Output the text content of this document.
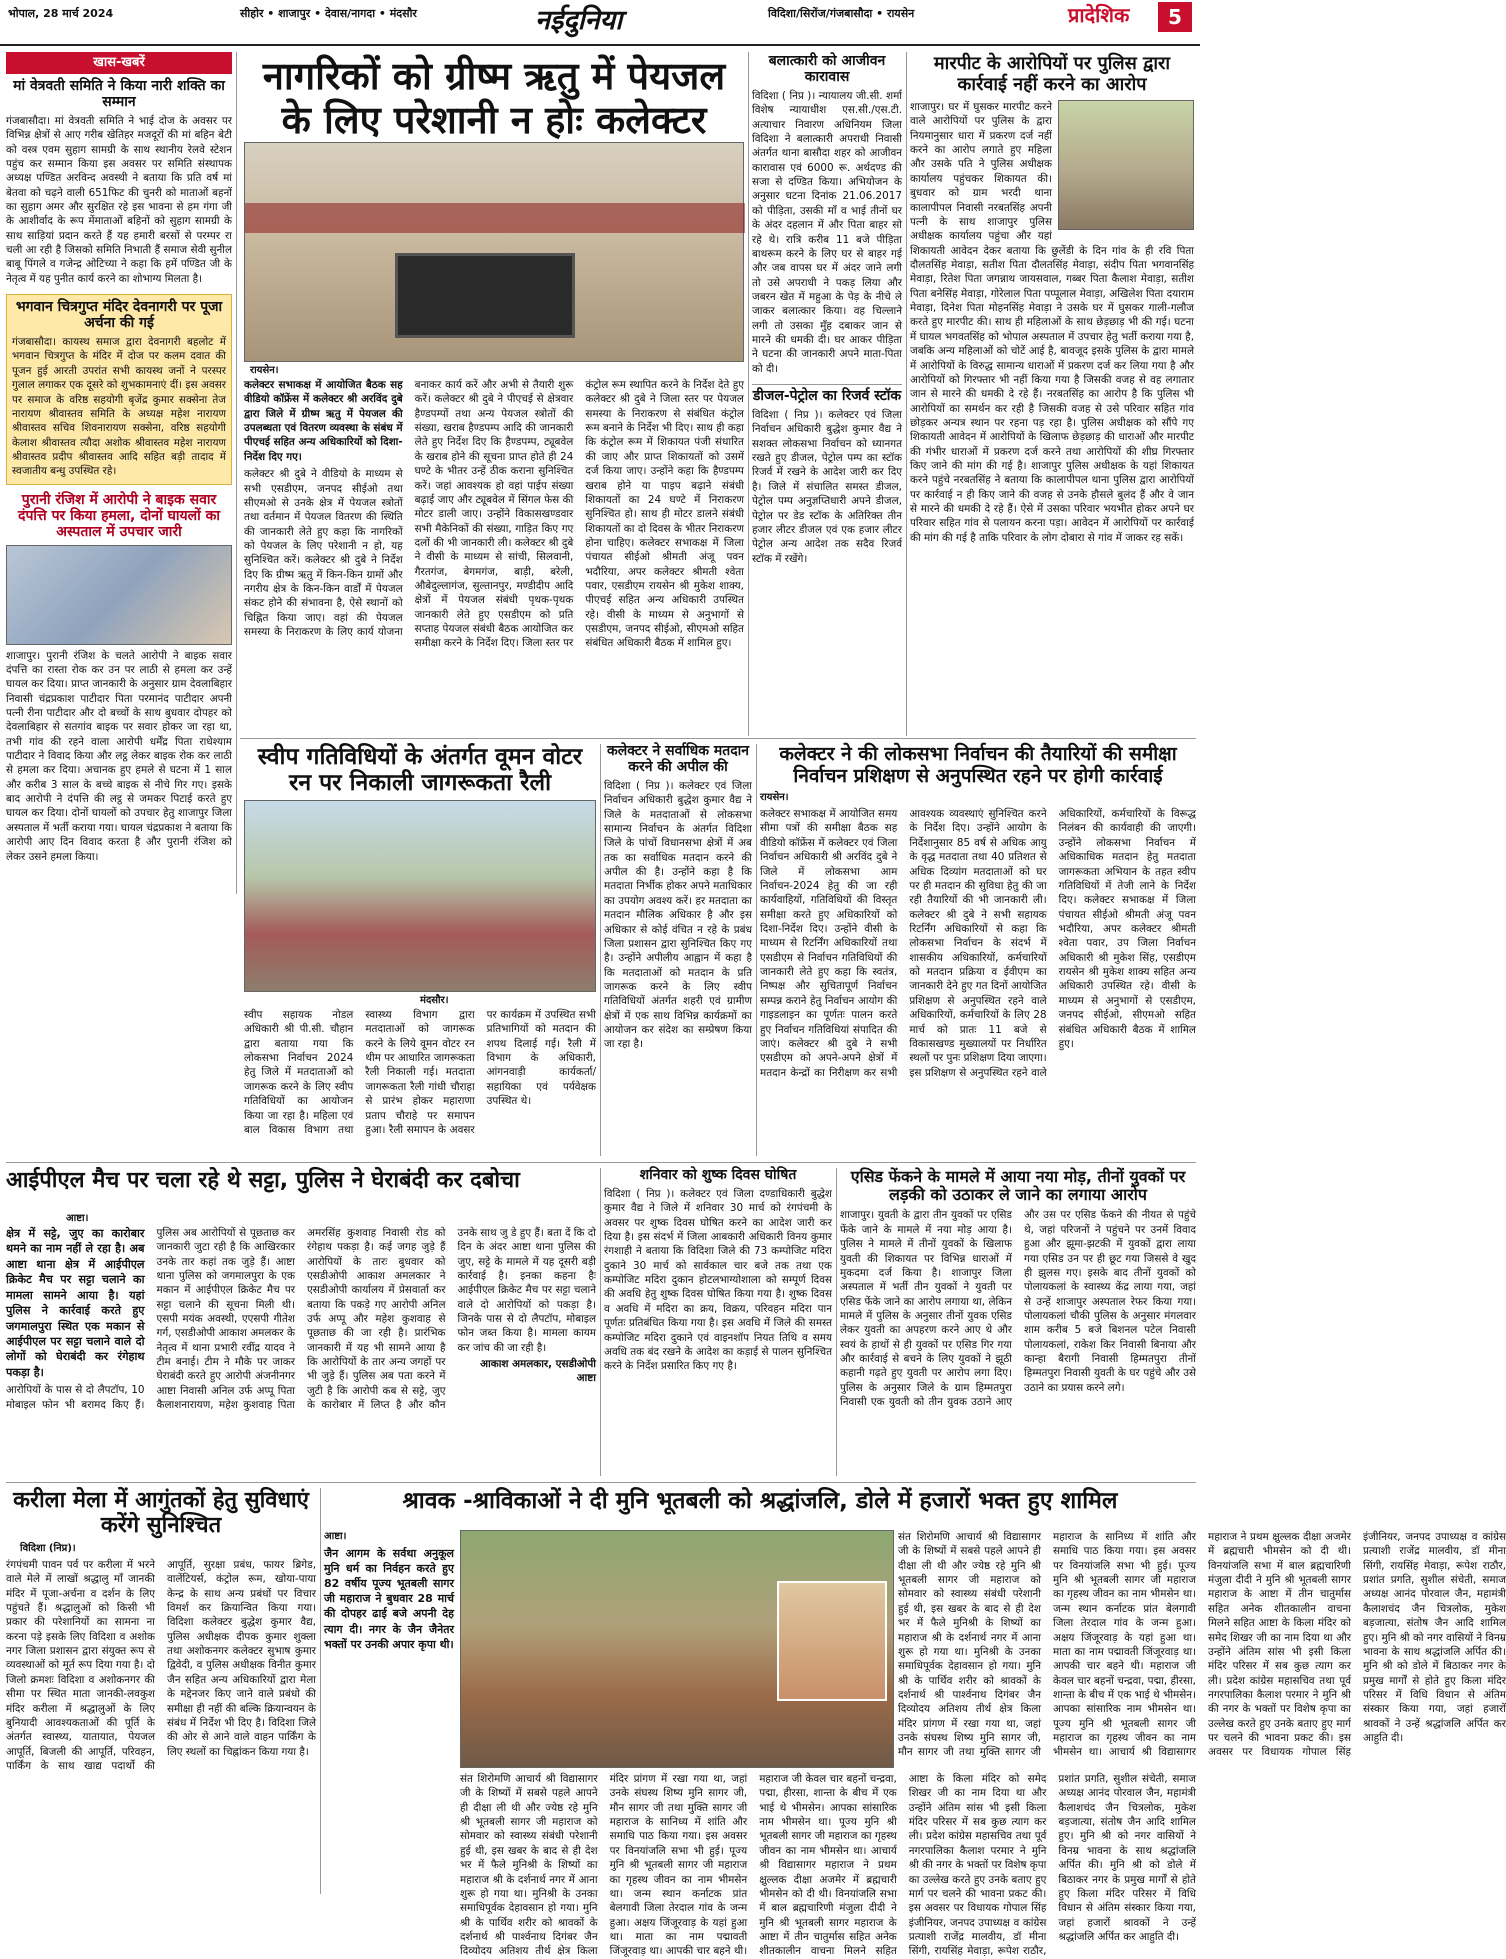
भोपाल, 28 मार्च 2024	सीहोर • शाजापुर • देवास/नागदा • मंदसौर	नईदुनिया	विदिशा/सिरोंज/गंजबासौदा • रायसेन	प्रादेशिक	5
खास-खबरें
मां वेत्रवती समिति ने किया नारी शक्ति का सम्मान

गंजबासौदा। मां वेत्रवती समिति ने भाई दोज के अवसर पर विभिन्न क्षेत्रों से आए गरीब खेतिहर मजदूरों की मां बहिन बेटी को वस्त्र एवम सुहाग सामग्री के साथ स्थानीय रेलवे स्टेशन पहुंच कर सम्मान किया इस अवसर पर समिति संस्थापक अध्यक्ष पण्डित अरविन्द अवस्थी ने बताया कि प्रति वर्ष मां बेतवा को चढ़ने वाली 651फिट की चुनरी को माताओं बहनों का सुहाग अमर और सुरक्षित रहे इस भावना से हम गंगा जी के आशीर्वाद के रूप मेंमाताओं बहिनों को सुहाग सामग्री के साथ साड़ियां प्रदान करते हैं यह हमारी बरसों से परम्पर रा चली आ रही है जिसको समिति निभाती हैं समाज सेवी सुनील बाबू पिंगले व गजेन्द्र ओटिच्या ने कहा कि हमें पण्डित जी के नेतृत्व में यह पुनीत कार्य करने का शोभाग्य मिलता है।

भगवान चित्रगुप्त मंदिर देवनागरी पर पूजा अर्चना की गई

गंजबासौदा। कायस्थ समाज द्वारा देवनागरी बहलोट में भगवान चित्रगुप्त के मंदिर में दोज पर कलम दवात की पूजन हुई आरती उपरांत सभी कायस्थ जनों ने परस्पर गुलाल लगाकर एक दूसरे को शुभकामनाएं दीं। इस अवसर पर समाज के वरिष्ठ सहयोगी बृजेंद्र कुमार सक्सेना तेज नारायण श्रीवास्तव समिति के अध्यक्ष महेश नारायण श्रीवास्तव सचिव शिवनारायण सक्सेना, वरिष्ठ सहयोगी केलाश श्रीवास्तव त्यौदा अशोक श्रीवास्तव महेश नारायण श्रीवास्तव प्रदीप श्रीवास्तव आदि सहित बड़ी तादाद में स्वजातीय बन्धु उपस्थित रहे।

पुरानी रंजिश में आरोपी ने बाइक सवार दंपत्ति पर किया हमला, दोनों घायलों का अस्पताल में उपचार जारी

शाजापुर। पुरानी रंजिश के चलते आरोपी ने बाइक सवार दंपत्ति का रास्ता रोक कर उन पर लाठी से हमला कर उन्हें घायल कर दिया। प्राप्त जानकारी के अनुसार ग्राम देवलाबिहार निवासी चंद्रप्रकाश पाटीदार पिता परमानंद पाटीदार अपनी पत्नी रीना पाटीदार और दो बच्चों के साथ बुधवार दोपहर को देवलाबिहार से सतगांव बाइक पर सवार होकर जा रहा था, तभी गांव की रहने वाला आरोपी धर्मेंद्र पिता राधेश्याम पाटीदार ने विवाद किया और लट्ठ लेकर बाइक रोक कर लाठी से हमला कर दिया। अचानक हुए हमले से घटना में 1 साल और करीब 3 साल के बच्चे बाइक से नीचे गिर गए। इसके बाद आरोपी ने दंपत्ति की लट्ठ से जमकर पिटाई करते हुए घायल कर दिया। दोनों घायलों को उपचार हेतु शाजापुर जिला अस्पताल में भर्ती कराया गया। घायल चंद्रप्रकाश ने बताया कि आरोपी आए दिन विवाद करता है और पुरानी रंजिश को लेकर उसने हमला किया।

नागरिकों को ग्रीष्म ऋतु में पेयजल के लिए परेशानी न होः कलेक्टर
रायसेन।

कलेक्टर सभाकक्ष में आयोजित बैठक सह वीडियो कॉफ्रेंस में कलेक्टर श्री अरविंद दुबे द्वारा जिले में ग्रीष्म ऋतु में पेयजल की उपलब्धता एवं वितरण व्यवस्था के संबंध में पीएचई सहित अन्य अधिकारियों को दिशा-निर्देश दिए गए।

कलेक्टर श्री दुबे ने वीडियो के माध्यम से सभी एसडीएम, जनपद सीईओ तथा सीएमओ से उनके क्षेत्र में पेयजल स्त्रोतों तथा वर्तमान में पेयजल वितरण की स्थिति की जानकारी लेते हुए कहा कि नागरिकों को पेयजल के लिए परेशानी न हो, यह सुनिश्चित करें। कलेक्टर श्री दुबे ने निर्देश दिए कि ग्रीष्म ऋतु में किन-किन ग्रामों और नगरीय क्षेत्र के किन-किन वार्डों में पेयजल संकट होने की संभावना है, ऐसे स्थानों को चिह्नित किया जाए। वहां की पेयजल समस्या के निराकरण के लिए कार्य योजना बनाकर कार्य करें और अभी से तैयारी शुरू करें। कलेक्टर श्री दुबे ने पीएचई से क्षेत्रवार हैण्डपम्पों तथा अन्य पेयजल स्त्रोतों की संख्या, खराब हैण्डपम्प आदि की जानकारी लेते हुए निर्देश दिए कि हैण्डपम्प, ट्यूबवेल के खराब होने की सूचना प्राप्त होते ही 24 घण्टे के भीतर उन्हें ठीक कराना सुनिश्चित करें। जहां आवश्यक हो वहां पाईप संख्या बढ़ाई जाए और ट्यूबवेल में सिंगल फेस की मोटर डाली जाए। उन्होंने विकासखण्डवार सभी मैकेनिकों की संख्या, गाड़ित किए गए दलों की भी जानकारी ली। कलेक्टर श्री दुबे ने वीसी के माध्यम से सांची, सिलवानी, गैरतगंज, बेगमगंज, बाड़ी, बरेली, औबेदुल्लागंज, सुल्तानपुर, मण्डीदीप आदि क्षेत्रों में पेयजल संबंधी पृथक-पृथक जानकारी लेते हुए एसडीएम को प्रति सप्ताह पेयजल संबंधी बैठक आयोजित कर समीक्षा करने के निर्देश दिए। जिला स्तर पर कंट्रोल रूम स्थापित करने के निर्देश देते हुए कलेक्टर श्री दुबे ने जिला स्तर पर पेयजल समस्या के निराकरण से संबंधित कंट्रोल रूम बनाने के निर्देश भी दिए। साथ ही कहा कि कंट्रोल रूम में शिकायत पंजी संधारित की जाए और प्राप्त शिकायतों को उसमें दर्ज किया जाए। उन्होंने कहा कि हैण्डपम्प खराब होने या पाइप बढ़ाने संबंधी शिकायतों का 24 घण्टे में निराकरण सुनिश्चित हो। साथ ही मोटर डालने संबंधी शिकायतों का दो दिवस के भीतर निराकरण होना चाहिए। कलेक्टर सभाकक्ष में जिला पंचायत सीईओ श्रीमती अंजू पवन भदौरिया, अपर कलेक्टर श्रीमती श्वेता पवार, एसडीएम रायसेन श्री मुकेश शाक्य, पीएचई सहित अन्य अधिकारी उपस्थित रहे। वीसी के माध्यम से अनुभागों से एसडीएम, जनपद सीईओ, सीएमओ सहित संबंधित अधिकारी बैठक में शामिल हुए।

बलात्कारी को आजीवन कारावास

विदिशा ( निप्र )। न्यायालय जी.सी. शर्मा विशेष न्यायाधीश एस.सी./एस.टी. अत्याचार निवारण अधिनियम जिला विदिशा ने बलात्कारी अपराधी निवासी अंतर्गत थाना बासौदा शहर को आजीवन कारावास एवं 6000 रू. अर्थदण्ड की सजा से दण्डित किया। अभियोजन के अनुसार घटना दिनांक 21.06.2017 को पीड़िता, उसकी मॉं व भाई तीनों घर के अंदर दहलान में और पिता बाहर सो रहे थे। रात्रि करीब 11 बजे पीड़िता बाथरूम करने के लिए घर से बाहर गई और जब वापस घर में अंदर जाने लगी तो उसे अपराधी ने पकड़ लिया और जबरन खेत में महुआ के पेड़ के नीचे ले जाकर बलात्कार किया। वह चिल्लाने लगी तो उसका मुँह दबाकर जान से मारने की धमकी दी। घर आकर पीड़िता ने घटना की जानकारी अपने माता-पिता को दी।

डीजल-पेट्रोल का रिजर्व स्टॉक

विदिशा ( निप्र )। कलेक्टर एवं जिला निर्वाचन अधिकारी बुद्धेश कुमार वैद्य ने सशक्त लोकसभा निर्वाचन को ध्यानगत रखते हुए डीजल, पेट्रोल पम्प का स्टॉक रिजर्व में रखने के आदेश जारी कर दिए है। जिले में संचालित समस्त डीजल, पेट्रोल पम्प अनुज्ञप्तिधारी अपने डीजल, पेट्रोल पर डेड स्टॉक के अतिरिक्त तीन हजार लीटर डीजल एवं एक हजार लीटर पेट्रोल अन्य आदेश तक सदैव रिजर्व स्टॉक में रखेंगे।

मारपीट के आरोपियों पर पुलिस द्वारा कार्रवाई नहीं करने का आरोप

शाजापुर। घर में घुसकर मारपीट करने वाले आरोपियों पर पुलिस के द्वारा नियमानुसार धारा में प्रकरण दर्ज नहीं करने का आरोप लगाते हुए महिला और उसके पति ने पुलिस अधीक्षक कार्यालय पहुंचकर शिकायत की। बुधवार को ग्राम भरदी थाना कालापीपल निवासी नरबतसिंह अपनी पत्नी के साथ शाजापुर पुलिस अधीक्षक कार्यालय पहुंचा और यहां शिकायती आवेदन देकर बताया कि छुलेंडी के दिन गांव के ही रवि पिता दौलतसिंह मेवाड़ा, सतीश पिता दौलतसिंह मेवाड़ा, संदीप पिता भगवानसिंह मेवाड़ा, रितेश पिता जगन्नाथ जायसवाल, गब्बर पिता कैलाश मेवाड़ा, सतीश पिता बनेसिंह मेवाड़ा, गोरेलाल पिता पप्पूलाल मेवाड़ा, अखिलेश पिता दयाराम मेवाड़ा, दिनेश पिता मोहनसिंह मेवाड़ा ने उसके घर में घुसकर गाली-गलौज करते हुए मारपीट की। साथ ही महिलाओं के साथ छेड़छाड़ भी की गई। घटना में घायल भगवतसिंह को भोपाल अस्पताल में उपचार हेतु भर्ती कराया गया है, जबकि अन्य महिलाओं को चोटें आई है, बावजूद इसके पुलिस के द्वारा मामले में आरोपियों के विरुद्ध सामान्य धाराओं में प्रकरण दर्ज कर लिया गया है और आरोपियों को गिरफ्तार भी नहीं किया गया है जिसकी वजह से वह लगातार जान से मारने की धमकी दे रहे हैं। नरबतसिंह का आरोप है कि पुलिस भी आरोपियों का समर्थन कर रही है जिसकी वजह से उसे परिवार सहित गांव छोड़कर अन्यत्र स्थान पर रहना पड़ रहा है। पुलिस अधीक्षक को सौंपे गए शिकायती आवेदन में आरोपियों के खिलाफ छेड़छाड़ की धाराओं और मारपीट की गंभीर धाराओं में प्रकरण दर्ज करने तथा आरोपियों की शीघ्र गिरफ्तार किए जाने की मांग की गई है। शाजापुर पुलिस अधीक्षक के यहां शिकायत करने पहुंचे नरबतसिंह ने बताया कि कालापीपल थाना पुलिस द्वारा आरोपियों पर कार्रवाई न ही किए जाने की वजह से उनके हौसले बुलंद हैं और वे जान से मारने की धमकी दे रहे हैं। ऐसे में उसका परिवार भयभीत होकर अपने घर परिवार सहित गांव से पलायन करना पड़ा। आवेदन में आरोपियों पर कार्रवाई की मांग की गई है ताकि परिवार के लोग दोबारा से गांव में जाकर रह सकें।

स्वीप गतिविधियों के अंतर्गत वूमन वोटर रन पर निकाली जागरूकता रैली
मंदसौर।

स्वीप सहायक नोडल अधिकारी श्री पी.सी. चौहान द्वारा बताया गया कि लोकसभा निर्वाचन 2024 हेतु जिले में मतदाताओं को जागरूक करने के लिए स्वीप गतिविधियों का आयोजन किया जा रहा है। महिला एवं बाल विकास विभाग तथा स्वास्थ्य विभाग द्वारा मतदाताओं को जागरूक करने के लिये वूमन वोटर रन थीम पर आधारित जागरूकता रैली निकाली गई। मतदाता जागरूकता रैली गांधी चौराहा से प्रारंभ होकर महाराणा प्रताप चौराहे पर समापन हुआ। रैली समापन के अवसर पर कार्यक्रम में उपस्थित सभी प्रतिभागियों को मतदान की शपथ दिलाई गई। रैली में विभाग के अधिकारी, आंगनवाड़ी कार्यकर्ता/सहायिका एवं पर्यवेक्षक उपस्थित थे।

कलेक्टर ने सर्वाधिक मतदान करने की अपील की

विदिशा ( निप्र )। कलेक्टर एवं जिला निर्वाचन अधिकारी बुद्धेश कुमार वैद्य ने जिले के मतदाताओं से लोकसभा सामान्य निर्वाचन के अंतर्गत विदिशा जिले के पांचों विधानसभा क्षेत्रों में अब तक का सर्वाधिक मतदान करने की अपील की है। उन्होंने कहा है कि मतदाता निर्भीक होकर अपने मताधिकार का उपयोग अवश्य करें। हर मतदाता का मतदान मौलिक अधिकार है और इस अधिकार से कोई वंचित न रहे के प्रबंध जिला प्रशासन द्वारा सुनिश्चित किए गए है। उन्होंने अपीलीय आह्वान में कहा है कि मतदाताओं को मतदान के प्रति जागरूक करने के लिए स्वीप गतिविधियों अंतर्गत शहरी एवं ग्रामीण क्षेत्रों में एक साथ विभिन्न कार्यक्रमों का आयोजन कर संदेश का सम्प्रेषण किया जा रहा है।

कलेक्टर ने की लोकसभा निर्वाचन की तैयारियों की समीक्षा निर्वाचन प्रशिक्षण से अनुपस्थित रहने पर होगी कार्रवाई
रायसेन।

कलेक्टर सभाकक्ष में आयोजित समय सीमा पत्रों की समीक्षा बैठक सह वीडियो कॉफ्रेंस में कलेक्टर एवं जिला निर्वाचन अधिकारी श्री अरविंद दुबे ने जिले में लोकसभा आम निर्वाचन-2024 हेतु की जा रही कार्यवाहियों, गतिविधियों की विस्तृत समीक्षा करते हुए अधिकारियों को दिशा-निर्देश दिए। उन्होंने वीसी के माध्यम से रिटर्निंग अधिकारियों तथा एसडीएम से निर्वाचन गतिविधियों की जानकारी लेते हुए कहा कि स्वतंत्र, निष्पक्ष और सुचितापूर्ण निर्वाचन सम्पन्न कराने हेतु निर्वाचन आयोग की गाइडलाइन का पूर्णतः पालन करते हुए निर्वाचन गतिविधियां संपादित की जाएं। कलेक्टर श्री दुबे ने सभी एसडीएम को अपने-अपने क्षेत्रों में मतदान केन्द्रों का निरीक्षण कर सभी आवश्यक व्यवस्थाएं सुनिश्चित करने के निर्देश दिए। उन्होंने आयोग के निर्देशानुसार 85 वर्ष से अधिक आयु के वृद्ध मतदाता तथा 40 प्रतिशत से अधिक दिव्यांग मतदाताओं को घर पर ही मतदान की सुविधा हेतु की जा रही तैयारियों की भी जानकारी ली। कलेक्टर श्री दुबे ने सभी सहायक रिटर्निंग अधिकारियों से कहा कि लोकसभा निर्वाचन के संदर्भ में शासकीय अधिकारियों, कर्मचारियों को मतदान प्रक्रिया व ईवीएम का जानकारी देने हुए गत दिनों आयोजित प्रशिक्षण से अनुपस्थित रहने वाले अधिकारियों, कर्मचारियों के लिए 28 मार्च को प्रातः 11 बजे से विकासखण्ड मुख्यालयों पर निर्धारित स्थलों पर पुनः प्रशिक्षण दिया जाएगा। इस प्रशिक्षण से अनुपस्थित रहने वाले अधिकारियों, कर्मचारियों के विरूद्ध निलंबन की कार्यवाही की जाएगी। उन्होंने लोकसभा निर्वाचन में अधिकाधिक मतदान हेतु मतदाता जागरूकता अभियान के तहत स्वीप गतिविधियों में तेजी लाने के निर्देश दिए। कलेक्टर सभाकक्ष में जिला पंचायत सीईओ श्रीमती अंजू पवन भदौरिया, अपर कलेक्टर श्रीमती श्वेता पवार, उप जिला निर्वाचन अधिकारी श्री मुकेश सिंह, एसडीएम रायसेन श्री मुकेश शाक्य सहित अन्य अधिकारी उपस्थित रहे। वीसी के माध्यम से अनुभागों से एसडीएम, जनपद सीईओ, सीएमओ सहित संबंधित अधिकारी बैठक में शामिल हुए।

आईपीएल मैच पर चला रहे थे सट्टा, पुलिस ने घेराबंदी कर दबोचा
आष्टा।

क्षेत्र में सट्टे, जुए का कारोबार थमने का नाम नहीं ले रहा है। अब आष्टा थाना क्षेत्र में आईपीएल क्रिकेट मैच पर सट्टा चलाने का मामला सामने आया है। यहां पुलिस ने कार्रवाई करते हुए जगमालपुरा स्थित एक मकान से आईपीएल पर सट्टा चलाने वाले दो लोगों को घेराबंदी कर रंगेहाथ पकड़ा है।

आरोपियों के पास से दो लैपटॉप, 10 मोबाइल फोन भी बरामद किए हैं। पुलिस अब आरोपियों से पूछताछ कर जानकारी जुटा रही है कि आखिरकार उनके तार कहां तक जुड़े हैं। आष्टा थाना पुलिस को जगमालपुरा के एक मकान में आईपीएल क्रिकेट मैच पर सट्टा चलाने की सूचना मिली थी। एसपी मयंक अवस्थी, एएसपी गीतेश गर्ग, एसडीओपी आकाश अमलकर के नेतृत्व में थाना प्रभारी रवींद्र यादव ने टीम बनाई। टीम ने मौके पर जाकर घेराबंदी करते हुए आरोपी अंजनीनगर आष्टा निवासी अनिल उर्फ अप्पू पिता कैलाशनारायण, महेश कुशवाह पिता अमरसिंह कुशवाह निवासी रोड को रंगेहाथ पकड़ा है। कई जगह जुड़े हैं आरोपियों के तारः बुधवार को एसडीओपी आकाश अमलकार ने एसडीओपी कार्यालय में प्रेसवार्ता कर बताया कि पकड़े गए आरोपी अनिल उर्फ अप्पू और महेश कुशवाह से पूछताछ की जा रही है। प्रारंभिक जानकारी में यह भी सामने आया है कि आरोपियों के तार अन्य जगहों पर भी जुड़े हैं। पुलिस अब पता करने में जुटी है कि आरोपी कब से सट्टे, जुए के कारोबार में लिप्त है और कौन उनके साथ जु डे हुए हैं। बता दें कि दो दिन के अंदर आष्टा थाना पुलिस की जुए, सट्टे के मामले में यह दूसरी बड़ी कार्रवाई है। इनका कहना हैः आईपीएल क्रिकेट मैच पर सट्टा चलाने वाले दो आरोपियों को पकड़ा है। जिनके पास से दो लैपटॉप, मोबाइल फोन जब्त किया है। मामला कायम कर जांच की जा रही है।

आकाश अमलकार, एसडीओपी आष्टा

शनिवार को शुष्क दिवस घोषित

विदिशा ( निप्र )। कलेक्टर एवं जिला दण्डाधिकारी बुद्धेश कुमार वैद्य ने जिले में शनिवार 30 मार्च को रंगपंचमी के अवसर पर शुष्क दिवस घोषित करने का आदेश जारी कर दिया है। इस संदर्भ में जिला आबकारी अधिकारी विनय कुमार रंगशाही ने बताया कि विदिशा जिले की 73 कम्पोजिट मदिरा दुकाने 30 मार्च को सार्वकाल चार बजे तक तथा एक कम्पोजिट मदिरा दुकान होटलभाग्योशाला को सम्पूर्ण दिवस की अवधि हेतु शुष्क दिवस घोषित किया गया है। शुष्क दिवस व अवधि में मदिरा का क्रय, विक्रय, परिवहन मदिरा पान पूर्णतः प्रतिबंधित किया गया है। इस अवधि में जिले की समस्त कम्पोजिट मदिरा दुकाने एवं वाइनशॉप नियत तिथि व समय अवधि तक बंद रखने के आदेश का कड़ाई से पालन सुनिश्चित करने के निर्देश प्रसारित किए गए है।

एसिड फेंकने के मामले में आया नया मोड़, तीनों युवकों पर लड़की को उठाकर ले जाने का लगाया आरोप

शाजापुर। युवती के द्वारा तीन युवकों पर एसिड फेंके जाने के मामले में नया मोड़ आया है। पुलिस ने मामले में तीनों युवकों के खिलाफ युवती की शिकायत पर विभिन्न धाराओं में मुकदमा दर्ज किया है। शाजापुर जिला अस्पताल में भर्ती तीन युवकों ने युवती पर एसिड फेंके जाने का आरोप लगाया था, लेकिन मामले में पुलिस के अनुसार तीनों युवक एसिड लेकर युवती का अपहरण करने आए थे और स्वयं के हाथों से ही युवकों पर एसिड गिर गया और कार्रवाई से बचने के लिए युवकों ने झूठी कहानी गढ़ते हुए युवती पर आरोप लगा दिए। पुलिस के अनुसार जिले के ग्राम हिम्मतपुरा निवासी एक युवती को तीन युवक उठाने आए और उस पर एसिड फेंकने की नीयत से पहुंचे थे, जहां परिजनों ने पहुंचने पर उनमें विवाद हुआ और झूमा-झटकी में युवकों द्वारा लाया गया एसिड उन पर ही छूट गया जिससे वे खुद ही झुलस गए। इसके बाद तीनों युवकों को पोलायकलां के स्वास्थ्य केंद्र लाया गया, जहां से उन्हें शाजापुर अस्पताल रेफर किया गया। पोलायकलां चौकी पुलिस के अनुसार मंगलवार शाम करीब 5 बजे बिशनल पटेल निवासी पोलायकलां, राकेश किर निवासी बिनाया और कान्हा बैरागी निवासी हिम्मतपुरा तीनों हिम्मतपुरा निवासी युवती के घर पहुंचे और उसे उठाने का प्रयास करने लगे।

करीला मेला में आगुंतकों हेतु सुविधाएं करेंगे सुनिश्चित
विदिशा (निप्र)।

रंगपंचमी पावन पर्व पर करीला में भरने वाले मेले में लाखों श्रद्धालु माँ जानकी मंदिर में पूजा-अर्चना व दर्शन के लिए पहुंचते हैं। श्रद्धालुओं को किसी भी प्रकार की परेशानियों का सामना ना करना पड़े इसके लिए विदिशा व अशोक नगर जिला प्रशासन द्वारा संयुक्त रूप से व्यवस्थाओं को मूर्त रूप दिया गया है। दो जिलो क्रमशः विदिशा व अशोकनगर की सीमा पर स्थित माता जानकी-लवकुश मंदिर करीला में श्रद्धालुओं के लिए बुनियादी आवश्यकताओं की पूर्ति के अंतर्गत स्वास्थ्य, यातायात, पेयजल आपूर्ति, बिजली की आपूर्ति, परिवहन, पार्किंग के साथ खाद्य पदार्थो की आपूर्ति, सुरक्षा प्रबंध, फायर ब्रिगेड, वालेंटियर्स, कंट्रोल रूम, खोया-पाया केन्द्र के साथ अन्य प्रबंधों पर विचार विमर्श कर क्रियान्वित किया गया। विदिशा कलेक्टर बुद्धेश कुमार वैद्य, पुलिस अधीक्षक दीपक कुमार शुक्ला तथा अशोकनगर कलेक्टर सुभाष कुमार द्विवेदी, व पुलिस अधीक्षक विनीत कुमार जैन सहित अन्य अधिकारियों द्वारा मेला के मद्देनजर किए जाने वाले प्रबंधो की समीक्षा ही नहीं की बल्कि क्रियान्वयन के संबंध में निर्देश भी दिए है। विदिशा जिले की ओर से आने वाले वाहन पार्किंग के लिए स्थलों का चिह्नांकन किया गया है।

श्रावक -श्राविकाओं ने दी मुनि भूतबली को श्रद्धांजलि, डोले में हजारों भक्त हुए शामिल
आष्टा।

जैन आगम के सर्वथा अनुकूल मुनि धर्म का निर्वहन करते हुए 82 वर्षीय पूज्य भूतबली सागर जी महाराज ने बुधवार 28 मार्च की दोपहर ढाई बजे अपनी देह त्याग दी। नगर के जैन जैनेतर भक्तों पर उनकी अपार कृपा थी।

संत शिरोमणि आचार्य श्री विद्यासागर जी के शिष्यों में सबसे पहले आपने ही दीक्षा ली थी और ज्येष्ठ रहे मुनि श्री भूतबली सागर जी महाराज को सोमवार को स्वास्थ्य संबंधी परेशानी हुई थी, इस खबर के बाद से ही देश भर में फैले मुनिश्री के शिष्यों का महाराज श्री के दर्शनार्थ नगर में आना शुरू हो गया था। मुनिश्री के उनका समाधिपूर्वक देहावसान हो गया। मुनि श्री के पार्थिव शरीर को श्रावकों के दर्शनार्थ श्री पार्श्वनाथ दिगंबर जैन दिव्योदय अतिशय तीर्थ क्षेत्र किला मंदिर प्रांगण में रखा गया था, जहां उनके संघस्थ शिष्य मुनि सागर जी, मौन सागर जी तथा मुक्ति सागर जी महाराज के सानिध्य में शांति और समाधि पाठ किया गया। इस अवसर पर विनयांजलि सभा भी हुई। पूज्य मुनि श्री भूतबली सागर जी महाराज का गृहस्थ जीवन का नाम भीमसेन था। जन्म स्थान कर्नाटक प्रांत बेलगावी जिला तेरदाल गांव के जन्म हुआ। अक्षय जिंजूरवाड़ के यहां हुआ था। माता का नाम पद्मावती जिंजूरवाड़ था। आपकी चार बहने थी। महाराज जी केवल चार बहनों चन्द्रवा, पद्मा, हीरसा, शान्ता के बीच में एक भाई थे भीमसेन। आपका सांसारिक नाम भीमसेन था। पूज्य मुनि श्री भूतबली सागर जी महाराज का गृहस्थ जीवन का नाम भीमसेन था। आचार्य श्री विद्यासागर महाराज ने प्रथम क्षुल्लक दीक्षा अजमेर में ब्रह्मचारी भीमसेन को दी थी। विनयांजलि सभा में बाल ब्रह्मचारिणी मंजुला दीदी ने मुनि श्री भूतबली सागर महाराज के आष्टा में तीन चातुर्मास सहित अनेक शीतकालीन वाचना मिलने सहित आष्टा के किला मंदिर को समेद शिखर जी का नाम दिया था और उन्होंने अंतिम सांस भी इसी किला मंदिर परिसर में सब कुछ त्याग कर ली। प्रदेश कांग्रेस महासचिव तथा पूर्व नगरपालिका कैलाश परमार ने मुनि श्री की नगर के भक्तों पर विशेष कृपा का उल्लेख करते हुए उनके बताए हुए मार्ग पर चलने की भावना प्रकट की। इस अवसर पर विधायक गोपाल सिंह इंजीनियर, जनपद उपाध्यक्ष व कांग्रेस प्रत्याशी राजेंद्र मालवीय, डॉ मीना सिंगी, रायसिंह मेवाड़ा, रूपेश राठौर, प्रशांत प्रगति, सुशील संचेती, समाज अध्यक्ष आनंद पोरवाल जैन, महामंत्री कैलाशचंद जैन चित्रलोक, मुकेश बड़जात्या, संतोष जैन आदि शामिल हुए। मुनि श्री को नगर वासियों ने विनम्र भावना के साथ श्रद्धांजलि अर्पित की। मुनि श्री को डोले में बिठाकर नगर के प्रमुख मार्गों से होते हुए किला मंदिर परिसर में विधि विधान से अंतिम संस्कार किया गया, जहां हजारों श्रावकों ने उन्हें श्रद्धांजलि अर्पित कर आहुति दी।

संत शिरोमणि आचार्य श्री विद्यासागर जी के शिष्यों में सबसे पहले आपने ही दीक्षा ली थी और ज्येष्ठ रहे मुनि श्री भूतबली सागर जी महाराज को सोमवार को स्वास्थ्य संबंधी परेशानी हुई थी, इस खबर के बाद से ही देश भर में फैले मुनिश्री के शिष्यों का महाराज श्री के दर्शनार्थ नगर में आना शुरू हो गया था। मुनिश्री के उनका समाधिपूर्वक देहावसान हो गया। मुनि श्री के पार्थिव शरीर को श्रावकों के दर्शनार्थ श्री पार्श्वनाथ दिगंबर जैन दिव्योदय अतिशय तीर्थ क्षेत्र किला मंदिर प्रांगण में रखा गया था, जहां उनके संघस्थ शिष्य मुनि सागर जी, मौन सागर जी तथा मुक्ति सागर जी महाराज के सानिध्य में शांति और समाधि पाठ किया गया। इस अवसर पर विनयांजलि सभा भी हुई। पूज्य मुनि श्री भूतबली सागर जी महाराज का गृहस्थ जीवन का नाम भीमसेन था। जन्म स्थान कर्नाटक प्रांत बेलगावी जिला तेरदाल गांव के जन्म हुआ। अक्षय जिंजूरवाड़ के यहां हुआ था। माता का नाम पद्मावती जिंजूरवाड़ था। आपकी चार बहने थी। महाराज जी केवल चार बहनों चन्द्रवा, पद्मा, हीरसा, शान्ता के बीच में एक भाई थे भीमसेन। आपका सांसारिक नाम भीमसेन था। पूज्य मुनि श्री भूतबली सागर जी महाराज का गृहस्थ जीवन का नाम भीमसेन था। आचार्य श्री विद्यासागर महाराज ने प्रथम क्षुल्लक दीक्षा अजमेर में ब्रह्मचारी भीमसेन को दी थी। विनयांजलि सभा में बाल ब्रह्मचारिणी मंजुला दीदी ने मुनि श्री भूतबली सागर महाराज के आष्टा में तीन चातुर्मास सहित अनेक शीतकालीन वाचना मिलने सहित आष्टा के किला मंदिर को समेद शिखर जी का नाम दिया था और उन्होंने अंतिम सांस भी इसी किला मंदिर परिसर में सब कुछ त्याग कर ली। प्रदेश कांग्रेस महासचिव तथा पूर्व नगरपालिका कैलाश परमार ने मुनि श्री की नगर के भक्तों पर विशेष कृपा का उल्लेख करते हुए उनके बताए हुए मार्ग पर चलने की भावना प्रकट की। इस अवसर पर विधायक गोपाल सिंह इंजीनियर, जनपद उपाध्यक्ष व कांग्रेस प्रत्याशी राजेंद्र मालवीय, डॉ मीना सिंगी, रायसिंह मेवाड़ा, रूपेश राठौर, प्रशांत प्रगति, सुशील संचेती, समाज अध्यक्ष आनंद पोरवाल जैन, महामंत्री कैलाशचंद जैन चित्रलोक, मुकेश बड़जात्या, संतोष जैन आदि शामिल हुए। मुनि श्री को नगर वासियों ने विनम्र भावना के साथ श्रद्धांजलि अर्पित की। मुनि श्री को डोले में बिठाकर नगर के प्रमुख मार्गों से होते हुए किला मंदिर परिसर में विधि विधान से अंतिम संस्कार किया गया, जहां हजारों श्रावकों ने उन्हें श्रद्धांजलि अर्पित कर आहुति दी।
